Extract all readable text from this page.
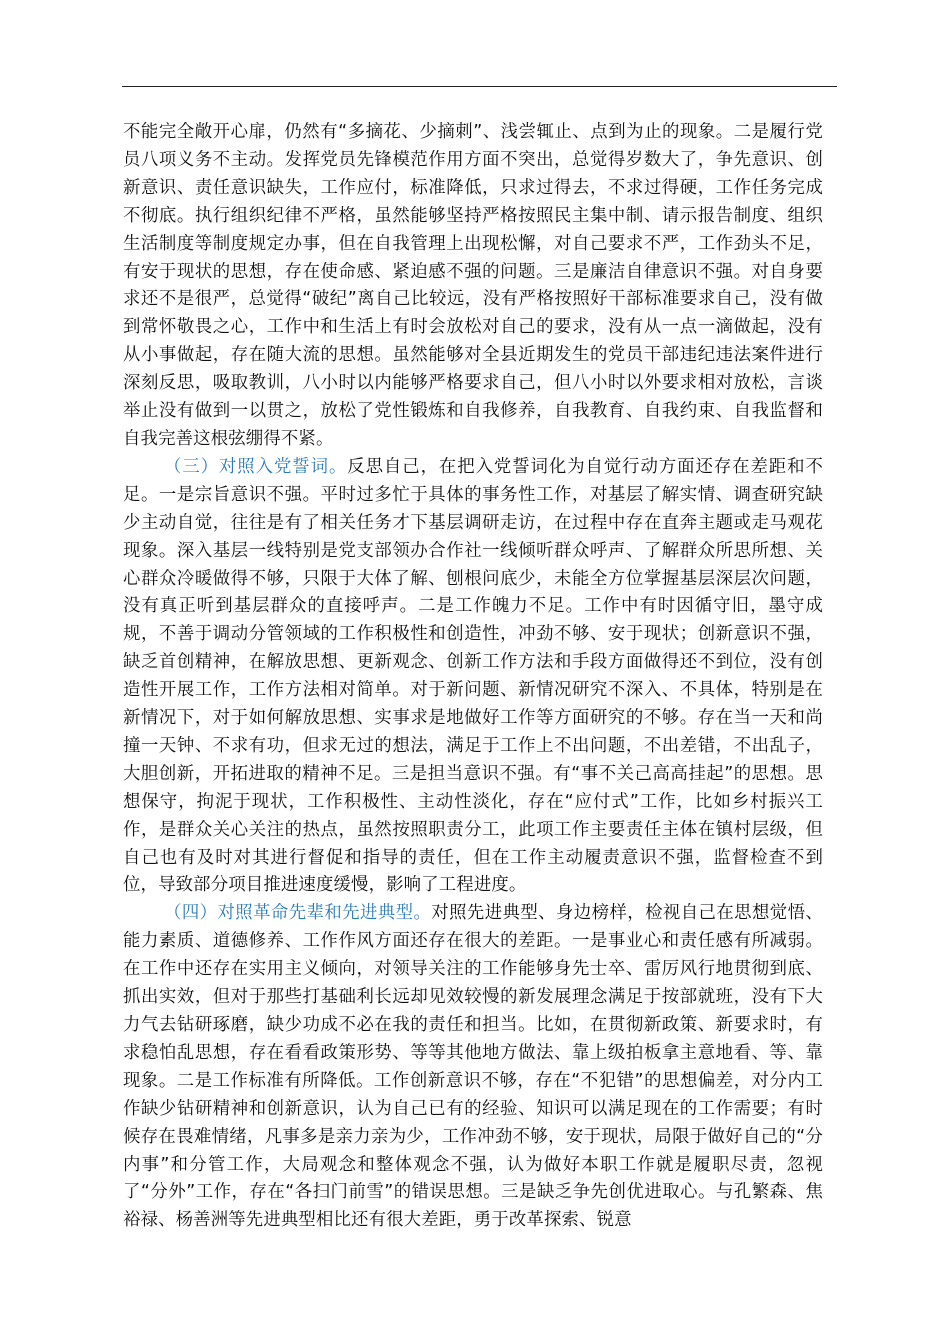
不能完全敞开心扉，仍然有“多摘花、少摘刺”、浅尝辄止、点到为止的现象。二是履行党员八项义务不主动。发挥党员先锋模范作用方面不突出，总觉得岁数大了，争先意识、创新意识、责任意识缺失，工作应付，标准降低，只求过得去，不求过得硬，工作任务完成不彻底。执行组织纪律不严格，虽然能够坚持严格按照民主集中制、请示报告制度、组织生活制度等制度规定办事，但在自我管理上出现松懈，对自己要求不严，工作劲头不足，有安于现状的思想，存在使命感、紧迫感不强的问题。三是廉洁自律意识不强。对自身要求还不是很严，总觉得“破纪”离自己比较远，没有严格按照好干部标准要求自己，没有做到常怀敬畏之心，工作中和生活上有时会放松对自己的要求，没有从一点一滴做起，没有从小事做起，存在随大流的思想。虽然能够对全县近期发生的党员干部违纪违法案件进行深刻反思，吸取教训，八小时以内能够严格要求自己，但八小时以外要求相对放松，言谈举止没有做到一以贯之，放松了党性锻炼和自我修养，自我教育、自我约束、自我监督和自我完善这根弦绷得不紧。

（三）对照入党誓词。反思自己，在把入党誓词化为自觉行动方面还存在差距和不足。一是宗旨意识不强。平时过多忙于具体的事务性工作，对基层了解实情、调查研究缺少主动自觉，往往是有了相关任务才下基层调研走访，在过程中存在直奔主题或走马观花现象。深入基层一线特别是党支部领办合作社一线倾听群众呼声、了解群众所思所想、关心群众冷暖做得不够，只限于大体了解、刨根问底少，未能全方位掌握基层深层次问题，没有真正听到基层群众的直接呼声。二是工作魄力不足。工作中有时因循守旧，墨守成规，不善于调动分管领域的工作积极性和创造性，冲劲不够、安于现状；创新意识不强，缺乏首创精神，在解放思想、更新观念、创新工作方法和手段方面做得还不到位，没有创造性开展工作，工作方法相对简单。对于新问题、新情况研究不深入、不具体，特别是在新情况下，对于如何解放思想、实事求是地做好工作等方面研究的不够。存在当一天和尚撞一天钟、不求有功，但求无过的想法，满足于工作上不出问题，不出差错，不出乱子，大胆创新，开拓进取的精神不足。三是担当意识不强。有“事不关己高高挂起”的思想。思想保守，拘泥于现状，工作积极性、主动性淡化，存在“应付式”工作，比如乡村振兴工作，是群众关心关注的热点，虽然按照职责分工，此项工作主要责任主体在镇村层级，但自己也有及时对其进行督促和指导的责任，但在工作主动履责意识不强，监督检查不到位，导致部分项目推进速度缓慢，影响了工程进度。

（四）对照革命先辈和先进典型。对照先进典型、身边榜样，检视自己在思想觉悟、能力素质、道德修养、工作作风方面还存在很大的差距。一是事业心和责任感有所减弱。在工作中还存在实用主义倾向，对领导关注的工作能够身先士卒、雷厉风行地贯彻到底、抓出实效，但对于那些打基础利长远却见效较慢的新发展理念满足于按部就班，没有下大力气去钻研琢磨，缺少功成不必在我的责任和担当。比如，在贯彻新政策、新要求时，有求稳怕乱思想，存在看看政策形势、等等其他地方做法、靠上级拍板拿主意地看、等、靠现象。二是工作标准有所降低。工作创新意识不够，存在“不犯错”的思想偏差，对分内工作缺少钻研精神和创新意识，认为自己已有的经验、知识可以满足现在的工作需要；有时候存在畏难情绪，凡事多是亲力亲为少，工作冲劲不够，安于现状，局限于做好自己的“分内事”和分管工作，大局观念和整体观念不强，认为做好本职工作就是履职尽责，忽视了“分外”工作，存在“各扫门前雪”的错误思想。三是缺乏争先创优进取心。与孔繁森、焦裕禄、杨善洲等先进典型相比还有很大差距，勇于改革探索、锐意
